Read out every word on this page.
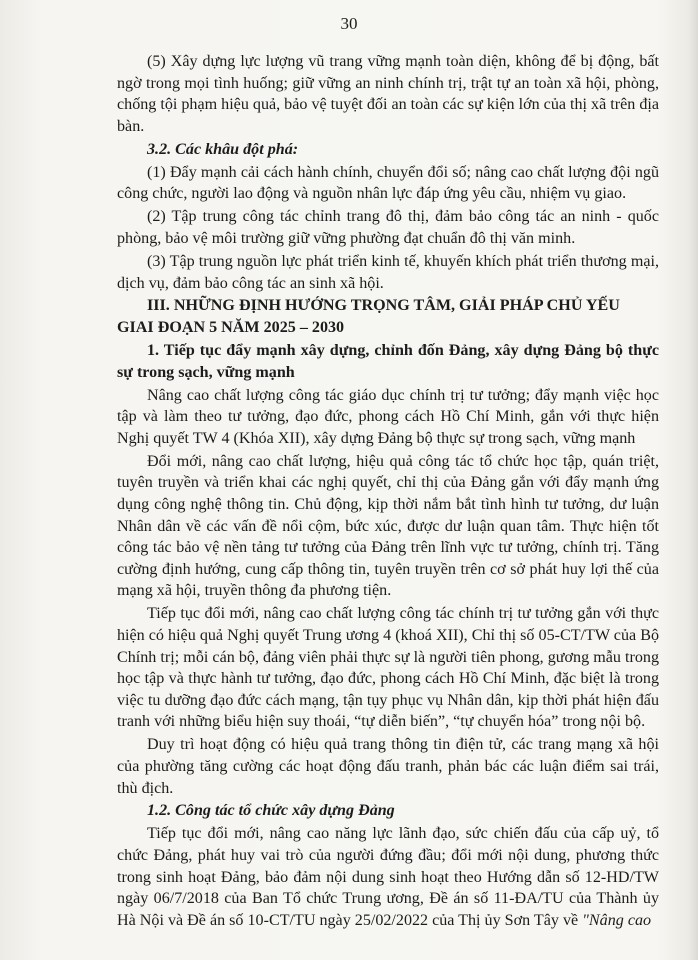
30

(5) Xây dựng lực lượng vũ trang vững mạnh toàn diện, không để bị động, bất ngờ trong mọi tình huống; giữ vững an ninh chính trị, trật tự an toàn xã hội, phòng, chống tội phạm hiệu quả, bảo vệ tuyệt đối an toàn các sự kiện lớn của thị xã trên địa bàn.

3.2. Các khâu đột phá:

(1) Đẩy mạnh cải cách hành chính, chuyển đổi số; nâng cao chất lượng đội ngũ công chức, người lao động và nguồn nhân lực đáp ứng yêu cầu, nhiệm vụ giao.

(2) Tập trung công tác chỉnh trang đô thị, đảm bảo công tác an ninh - quốc phòng, bảo vệ môi trường giữ vững phường đạt chuẩn đô thị văn minh.

(3) Tập trung nguồn lực phát triển kinh tế, khuyến khích phát triển thương mại, dịch vụ, đảm bảo công tác an sinh xã hội.

III. NHỮNG ĐỊNH HƯỚNG TRỌNG TÂM, GIẢI PHÁP CHỦ YẾU GIAI ĐOẠN 5 NĂM 2025 – 2030
1. Tiếp tục đẩy mạnh xây dựng, chỉnh đốn Đảng, xây dựng Đảng bộ thực sự trong sạch, vững mạnh

Nâng cao chất lượng công tác giáo dục chính trị tư tưởng; đẩy mạnh việc học tập và làm theo tư tưởng, đạo đức, phong cách Hồ Chí Minh, gắn với thực hiện Nghị quyết TW 4 (Khóa XII), xây dựng Đảng bộ thực sự trong sạch, vững mạnh

Đổi mới, nâng cao chất lượng, hiệu quả công tác tổ chức học tập, quán triệt, tuyên truyền và triển khai các nghị quyết, chỉ thị của Đảng gắn với đẩy mạnh ứng dụng công nghệ thông tin. Chủ động, kịp thời nắm bắt tình hình tư tưởng, dư luận Nhân dân về các vấn đề nổi cộm, bức xúc, được dư luận quan tâm. Thực hiện tốt công tác bảo vệ nền tảng tư tưởng của Đảng trên lĩnh vực tư tưởng, chính trị. Tăng cường định hướng, cung cấp thông tin, tuyên truyền trên cơ sở phát huy lợi thế của mạng xã hội, truyền thông đa phương tiện.

Tiếp tục đổi mới, nâng cao chất lượng công tác chính trị tư tưởng gắn với thực hiện có hiệu quả Nghị quyết Trung ương 4 (khoá XII), Chỉ thị số 05-CT/TW của Bộ Chính trị; mỗi cán bộ, đảng viên phải thực sự là người tiên phong, gương mẫu trong học tập và thực hành tư tưởng, đạo đức, phong cách Hồ Chí Minh, đặc biệt là trong việc tu dưỡng đạo đức cách mạng, tận tụy phục vụ Nhân dân, kịp thời phát hiện đấu tranh với những biểu hiện suy thoái, “tự diễn biến”, “tự chuyển hóa” trong nội bộ.

Duy trì hoạt động có hiệu quả trang thông tin điện tử, các trang mạng xã hội của phường tăng cường các hoạt động đấu tranh, phản bác các luận điểm sai trái, thù địch.

1.2. Công tác tổ chức xây dựng Đảng

Tiếp tục đổi mới, nâng cao năng lực lãnh đạo, sức chiến đấu của cấp uỷ, tổ chức Đảng, phát huy vai trò của người đứng đầu; đổi mới nội dung, phương thức trong sinh hoạt Đảng, bảo đảm nội dung sinh hoạt theo Hướng dẫn số 12-HD/TW ngày 06/7/2018 của Ban Tổ chức Trung ương, Đề án số 11-ĐA/TU của Thành ủy Hà Nội và Đề án số 10-CT/TU ngày 25/02/2022 của Thị ủy Sơn Tây về "Nâng cao
